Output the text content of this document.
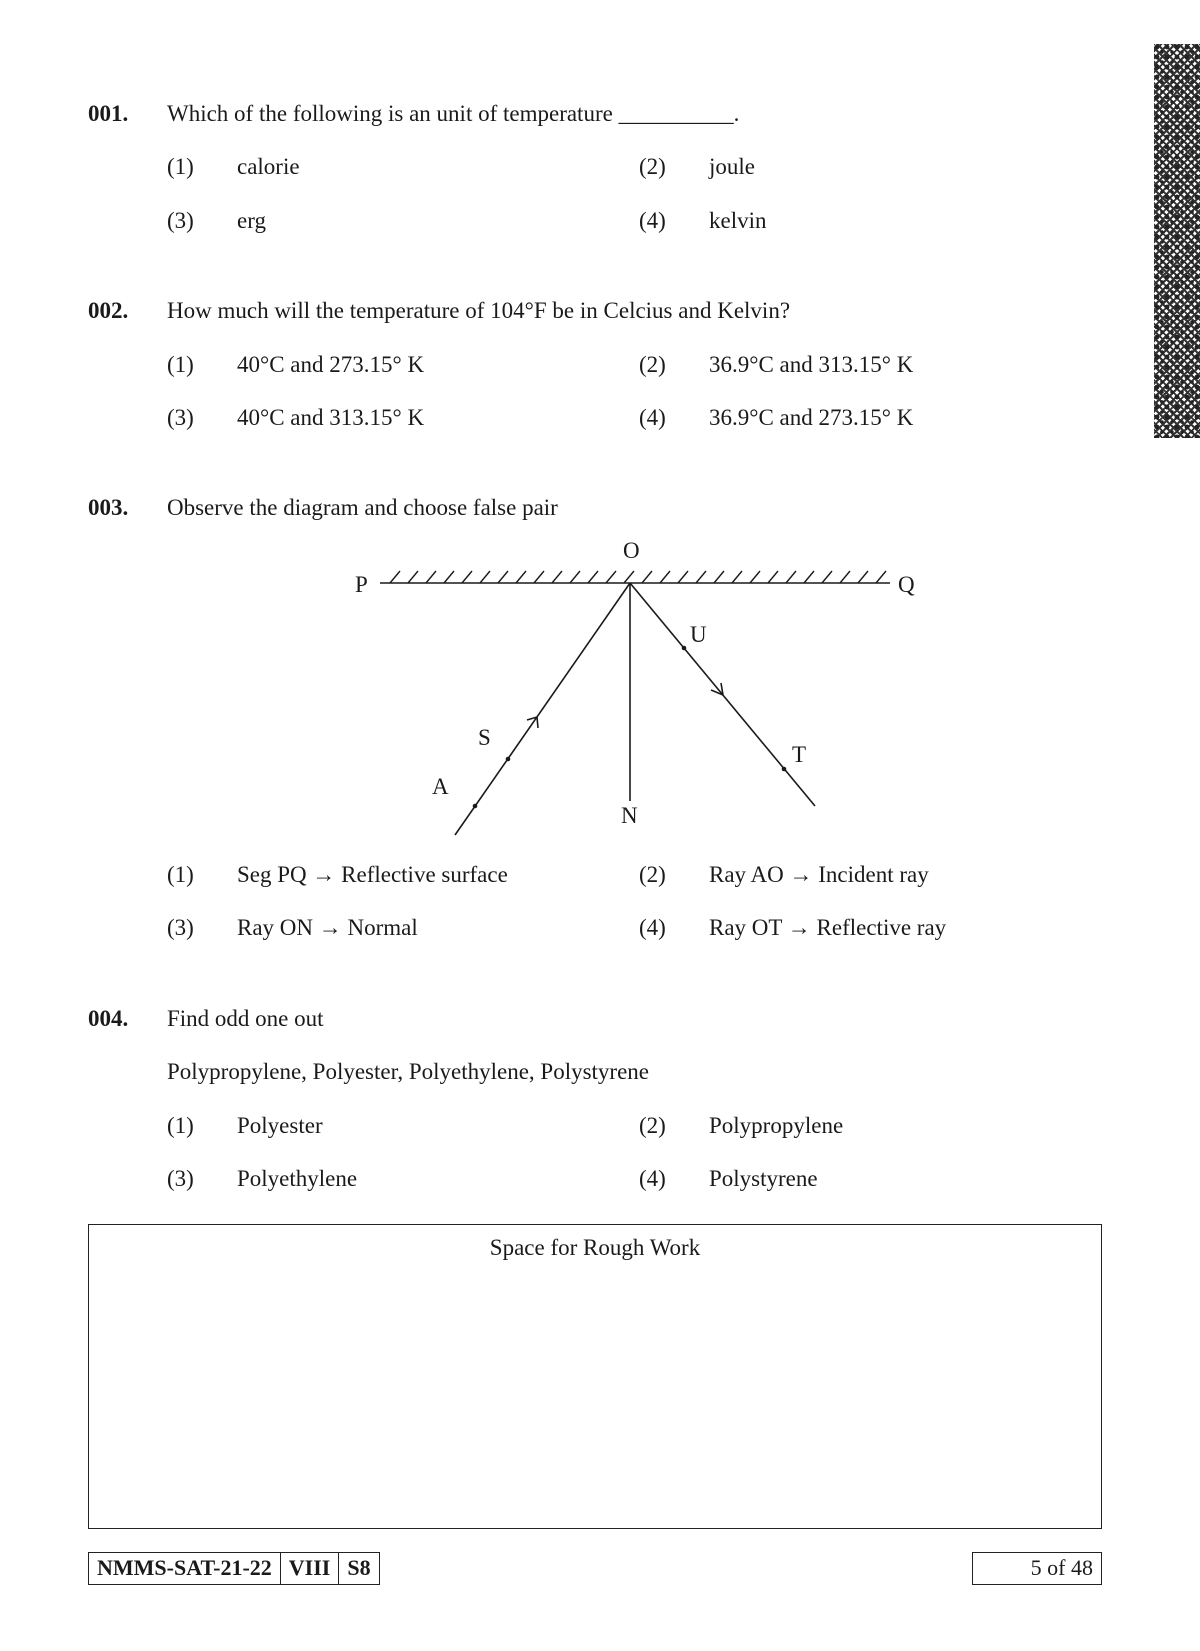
001. Which of the following is an unit of temperature __________.
(1) calorie	(2) joule
(3) erg	(4) kelvin
002. How much will the temperature of 104°F be in Celcius and Kelvin?
(1) 40°C and 273.15° K	(2) 36.9°C and 313.15° K
(3) 40°C and 313.15° K	(4) 36.9°C and 273.15° K
003. Observe the diagram and choose false pair
P
O
Q
U
S
A
T
N
(1) Seg PQ → Reflective surface	(2) Ray AO → Incident ray
(3) Ray ON → Normal	(4) Ray OT → Reflective ray
004. Find odd one out
Polypropylene, Polyester, Polyethylene, Polystyrene
(1) Polyester	(2) Polypropylene
(3) Polyethylene	(4) Polystyrene
Space for Rough Work
NMMS-SAT-21-22 VIII S8	5 of 48
